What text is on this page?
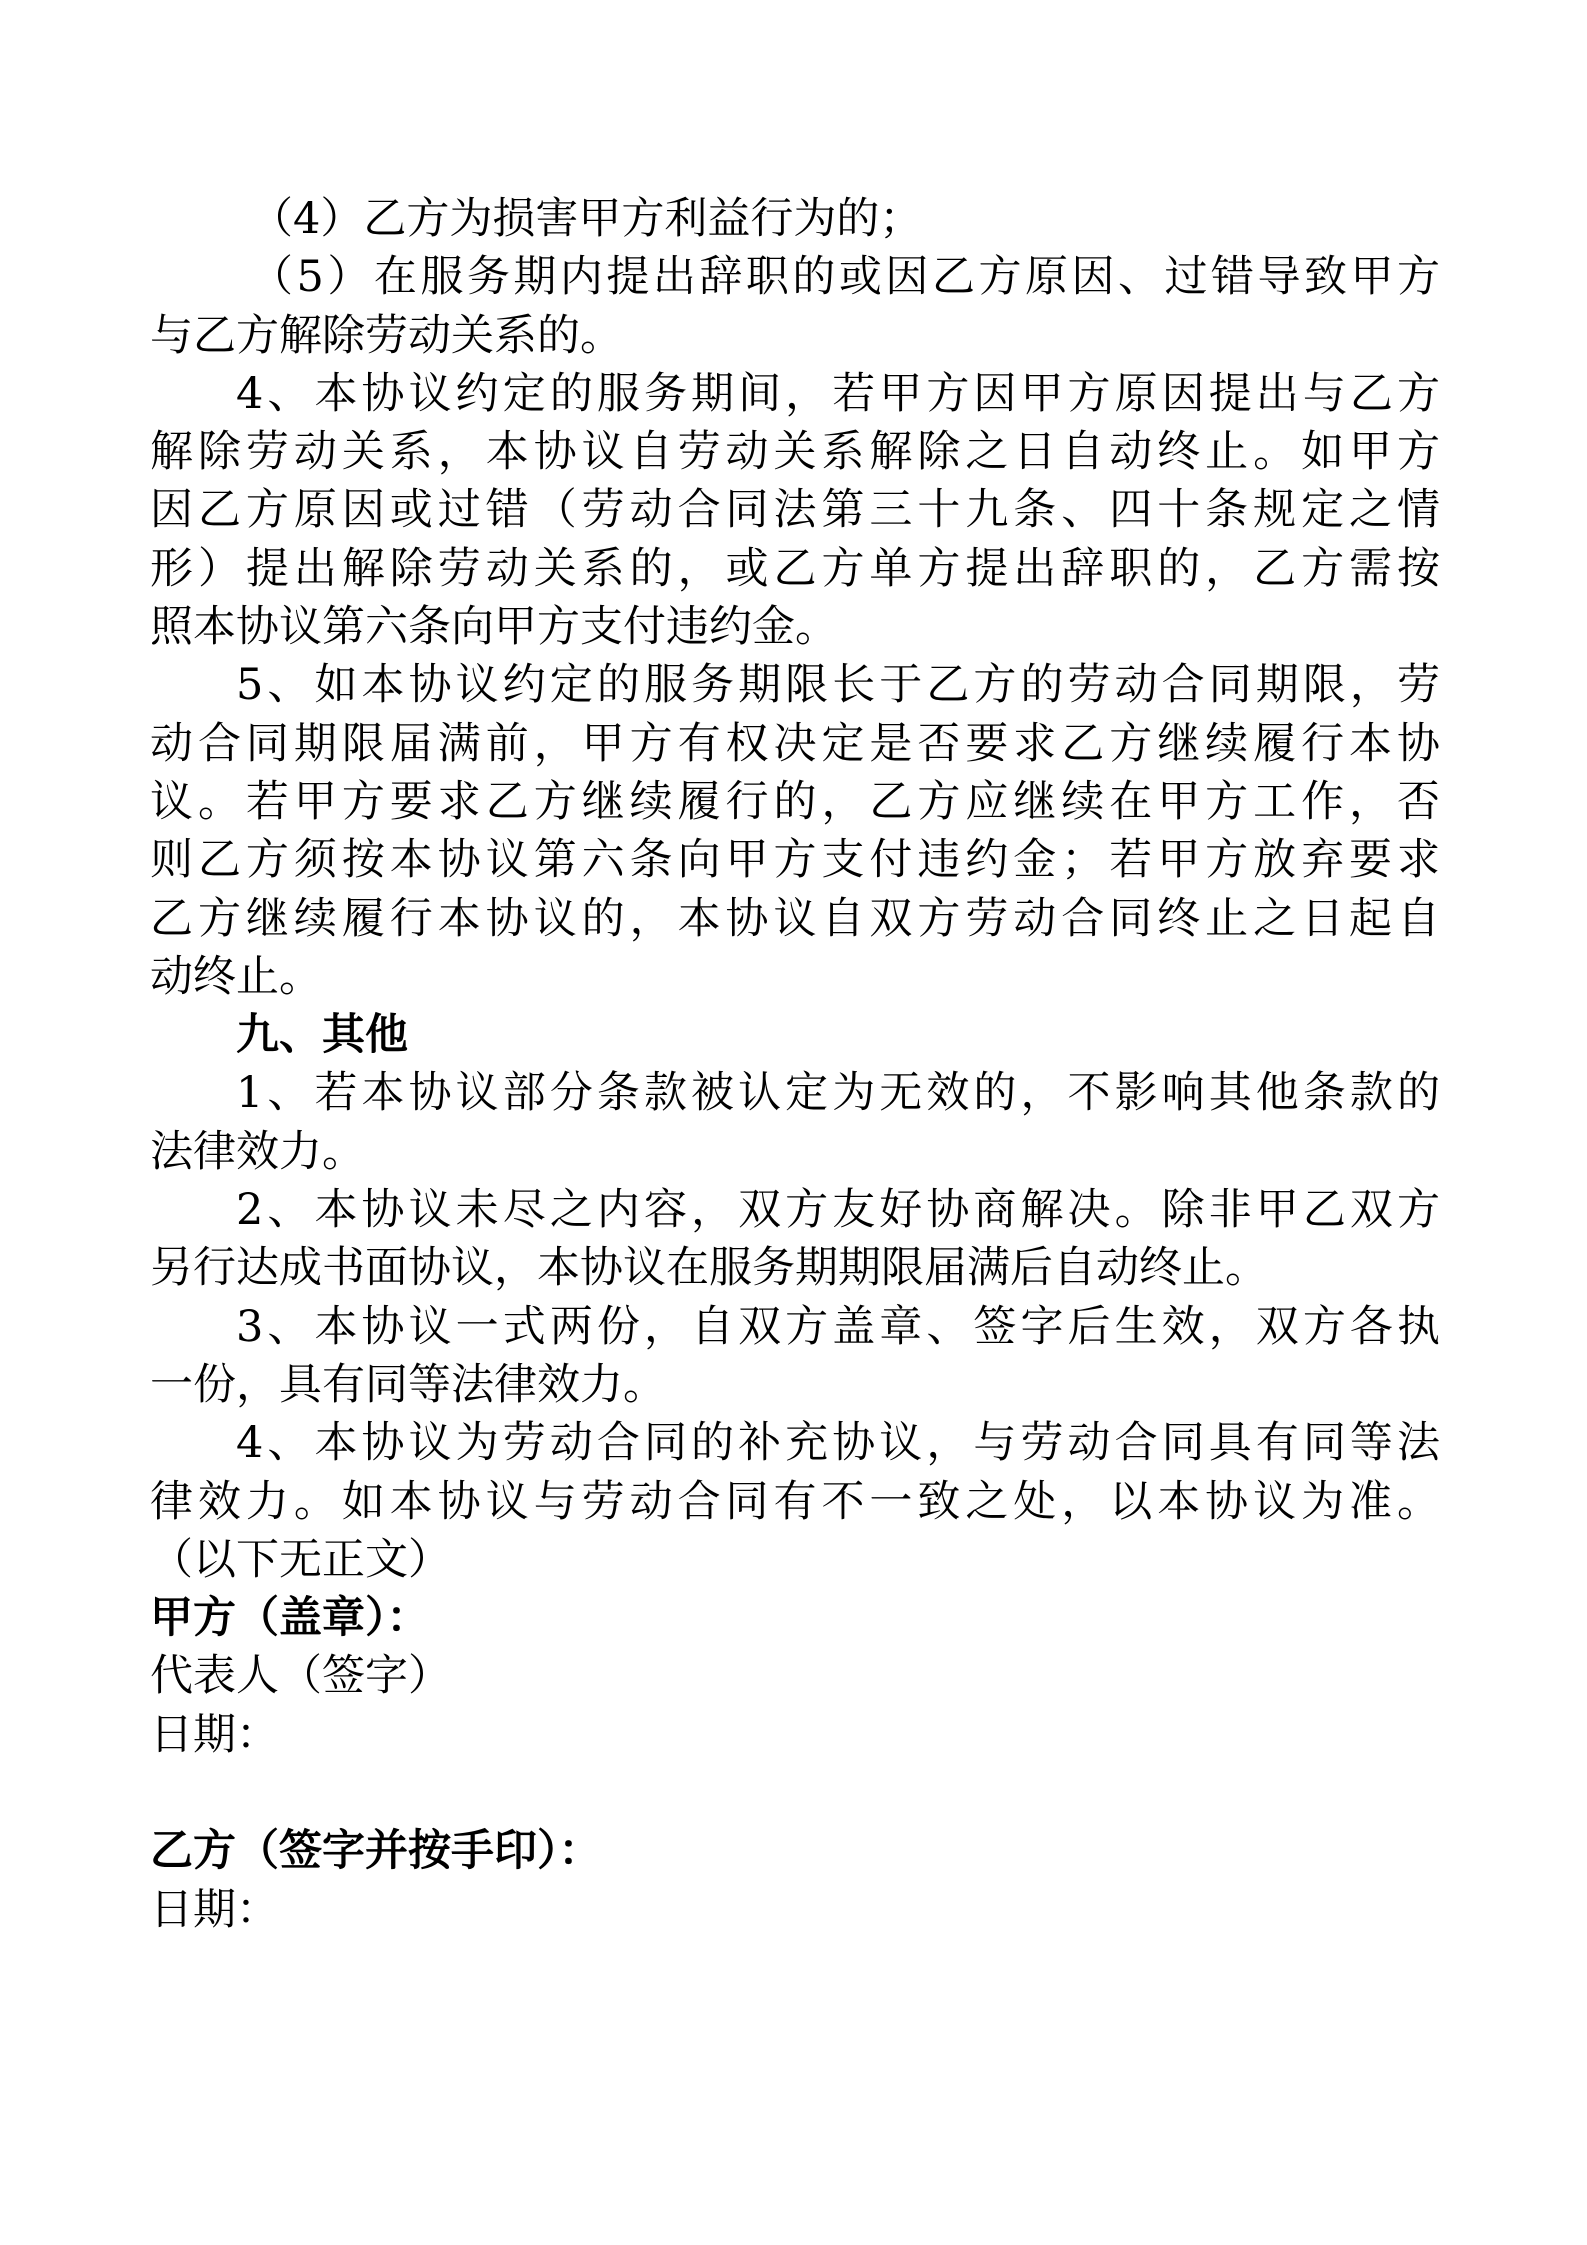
（4）乙方为损害甲方利益行为的；
（5）在服务期内提出辞职的或因乙方原因、过错导致甲方
与乙方解除劳动关系的。
4、本协议约定的服务期间，若甲方因甲方原因提出与乙方
解除劳动关系，本协议自劳动关系解除之日自动终止。如甲方
因乙方原因或过错（劳动合同法第三十九条、四十条规定之情
形）提出解除劳动关系的，或乙方单方提出辞职的，乙方需按
照本协议第六条向甲方支付违约金。
5、如本协议约定的服务期限长于乙方的劳动合同期限，劳
动合同期限届满前，甲方有权决定是否要求乙方继续履行本协
议。若甲方要求乙方继续履行的，乙方应继续在甲方工作，否
则乙方须按本协议第六条向甲方支付违约金；若甲方放弃要求
乙方继续履行本协议的，本协议自双方劳动合同终止之日起自
动终止。
九、其他
1、若本协议部分条款被认定为无效的，不影响其他条款的
法律效力。
2、本协议未尽之内容，双方友好协商解决。除非甲乙双方
另行达成书面协议，本协议在服务期期限届满后自动终止。
3、本协议一式两份，自双方盖章、签字后生效，双方各执
一份，具有同等法律效力。
4、本协议为劳动合同的补充协议，与劳动合同具有同等法
律效力。如本协议与劳动合同有不一致之处，以本协议为准。
（以下无正文）
甲方（盖章）：
代表人（签字）
日期：
乙方（签字并按手印）：
日期：
